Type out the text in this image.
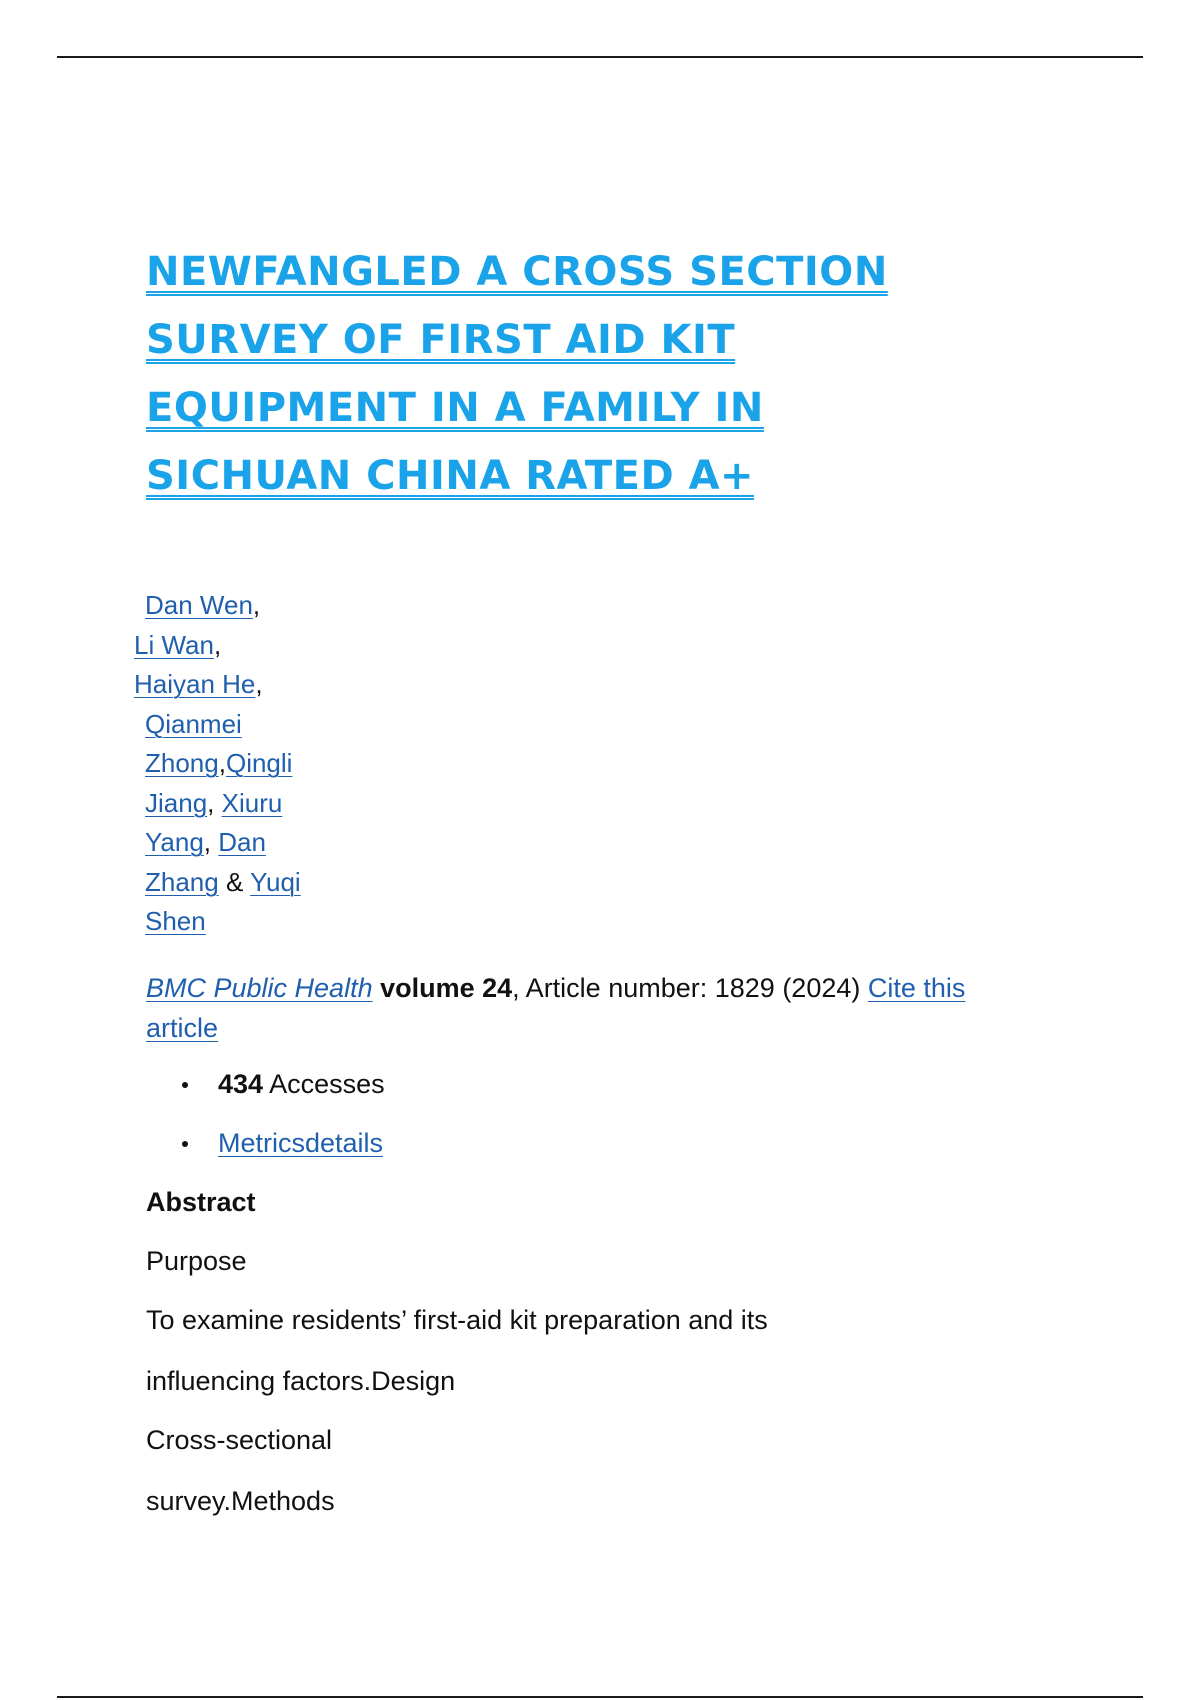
NEWFANGLED A CROSS SECTION
SURVEY OF FIRST AID KIT
EQUIPMENT IN A FAMILY IN
SICHUAN CHINA RATED A+
Dan Wen,
Li Wan,
Haiyan He,
Qianmei
Zhong,Qingli
Jiang, Xiuru
Yang, Dan
Zhang & Yuqi
Shen
BMC Public Health volume 24, Article number: 1829 (2024) Cite this
article
434 Accesses
Metricsdetails
Abstract
Purpose
To examine residents’ first-aid kit preparation and its
influencing factors.Design
Cross-sectional
survey.Methods
